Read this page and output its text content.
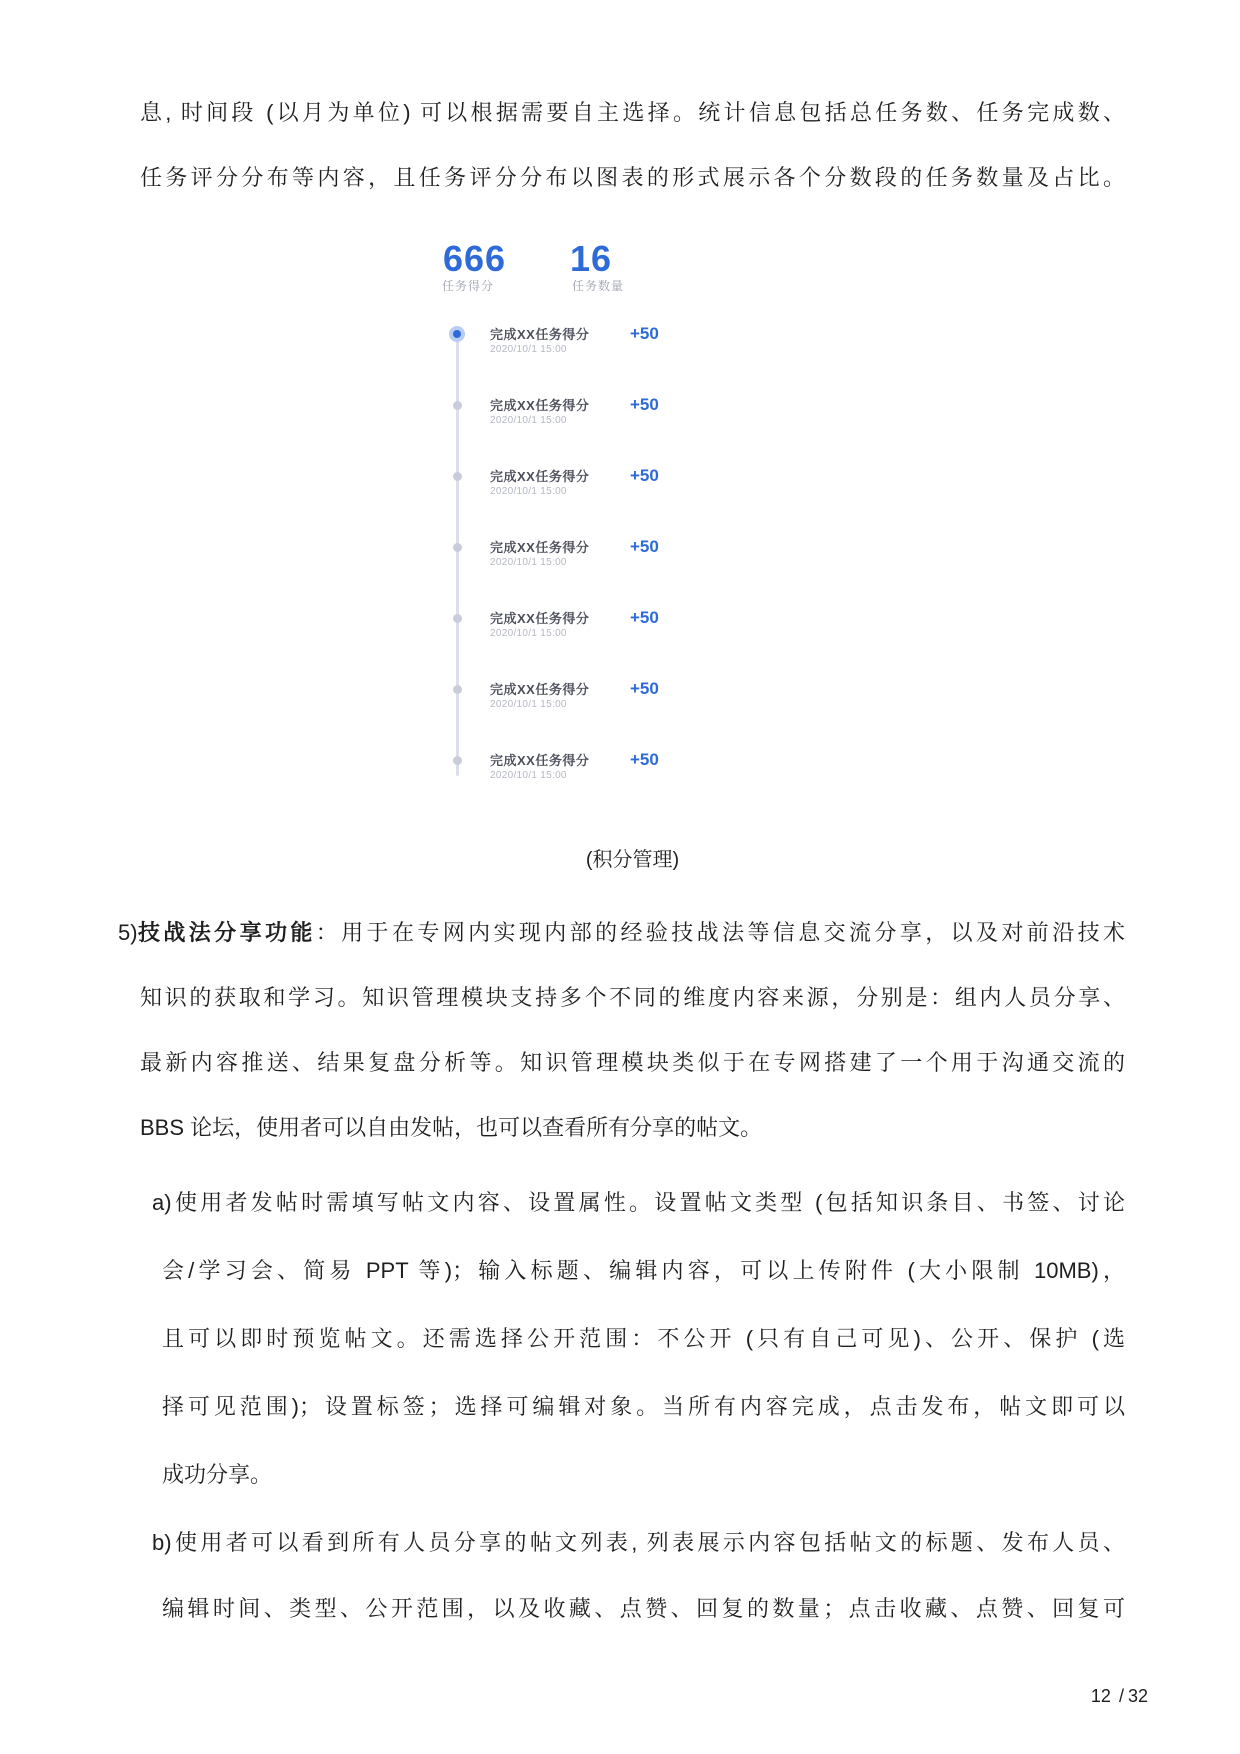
息, 时间段 (以月为单位) 可以根据需要自主选择。统计信息包括总任务数、任务完成数、
任务评分分布等内容，且任务评分分布以图表的形式展示各个分数段的任务数量及占比。
666
任务得分
16
任务数量
完成XX任务得分
2020/10/1 15:00
+50
完成XX任务得分
2020/10/1 15:00
+50
完成XX任务得分
2020/10/1 15:00
+50
完成XX任务得分
2020/10/1 15:00
+50
完成XX任务得分
2020/10/1 15:00
+50
完成XX任务得分
2020/10/1 15:00
+50
完成XX任务得分
2020/10/1 15:00
+50
(积分管理)
5) 技战法分享功能：用于在专网内实现内部的经验技战法等信息交流分享，以及对前沿技术
知识的获取和学习。知识管理模块支持多个不同的维度内容来源，分别是：组内人员分享、
最新内容推送、结果复盘分析等。知识管理模块类似于在专网搭建了一个用于沟通交流的
BBS 论坛，使用者可以自由发帖，也可以查看所有分享的帖文。
a) 使用者发帖时需填写帖文内容、设置属性。设置帖文类型 (包括知识条目、书签、讨论
会/学习会、简易 PPT 等)；输入标题、编辑内容，可以上传附件 (大小限制 10MB)，
且可以即时预览帖文。还需选择公开范围：不公开 (只有自己可见)、公开、保护 (选
择可见范围)；设置标签；选择可编辑对象。当所有内容完成，点击发布，帖文即可以
成功分享。
b) 使用者可以看到所有人员分享的帖文列表, 列表展示内容包括帖文的标题、发布人员、
编辑时间、类型、公开范围，以及收藏、点赞、回复的数量；点击收藏、点赞、回复可
12 / 32
